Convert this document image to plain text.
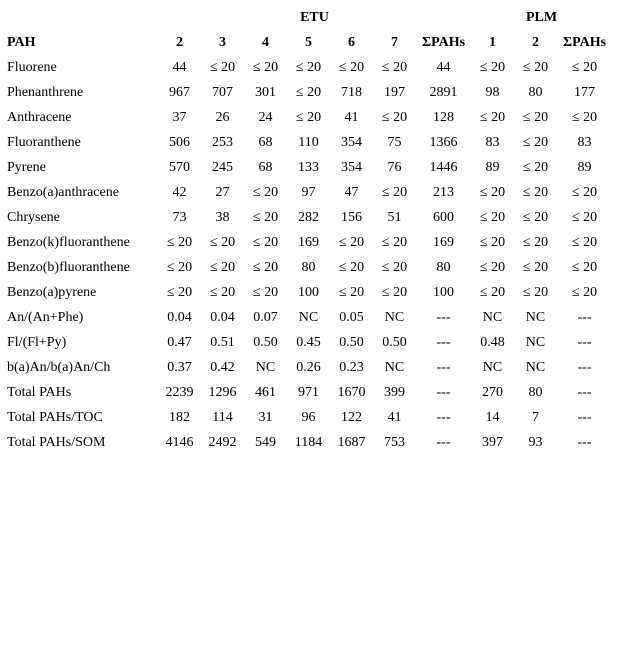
	ETU							PLM		
PAH	2	3	4	5	6	7	ΣPAHs	1	2	ΣPAHs
Fluorene	44	≤ 20	≤ 20	≤ 20	≤ 20	≤ 20	44	≤ 20	≤ 20	≤ 20
Phenanthrene	967	707	301	≤ 20	718	197	2891	98	80	177
Anthracene	37	26	24	≤ 20	41	≤ 20	128	≤ 20	≤ 20	≤ 20
Fluoranthene	506	253	68	110	354	75	1366	83	≤ 20	83
Pyrene	570	245	68	133	354	76	1446	89	≤ 20	89
Benzo(a)anthracene	42	27	≤ 20	97	47	≤ 20	213	≤ 20	≤ 20	≤ 20
Chrysene	73	38	≤ 20	282	156	51	600	≤ 20	≤ 20	≤ 20
Benzo(k)fluoranthene	≤ 20	≤ 20	≤ 20	169	≤ 20	≤ 20	169	≤ 20	≤ 20	≤ 20
Benzo(b)fluoranthene	≤ 20	≤ 20	≤ 20	80	≤ 20	≤ 20	80	≤ 20	≤ 20	≤ 20
Benzo(a)pyrene	≤ 20	≤ 20	≤ 20	100	≤ 20	≤ 20	100	≤ 20	≤ 20	≤ 20
An/(An+Phe)	0.04	0.04	0.07	NC	0.05	NC	---	NC	NC	---
Fl/(Fl+Py)	0.47	0.51	0.50	0.45	0.50	0.50	---	0.48	NC	---
b(a)An/b(a)An/Ch	0.37	0.42	NC	0.26	0.23	NC	---	NC	NC	---
Total PAHs	2239	1296	461	971	1670	399	---	270	80	---
Total PAHs/TOC	182	114	31	96	122	41	---	14	7	---
Total PAHs/SOM	4146	2492	549	1184	1687	753	---	397	93	---
